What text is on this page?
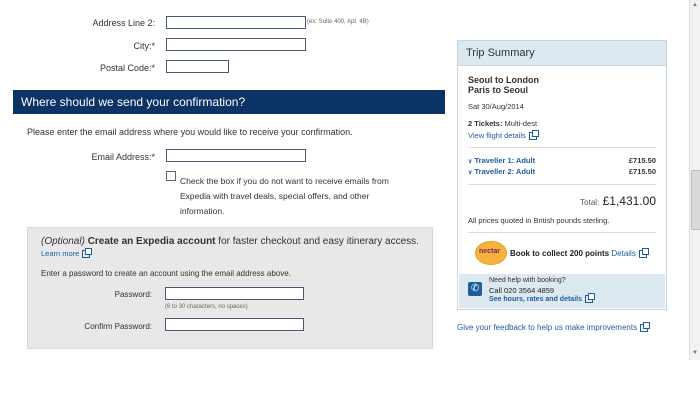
Address Line 2:	(ex: Suite 400, Apt. 4B)
City:*
Postal Code:*
Where should we send your confirmation?
Please enter the email address where you would like to receive your confirmation.
Email Address:*
Check the box if you do not want to receive emails from
Expedia with travel deals, special offers, and other
information.
(Optional) Create an Expedia account for faster checkout and easy itinerary access.
Learn more
Enter a password to create an account using the email address above.
Password:
(6 to 30 characters, no spaces)
Confirm Password:
Trip Summary
Seoul to London
Paris to Seoul
Sat 30/Aug/2014
2 Tickets: Multi-dest
View flight details
∨ Traveller 1: Adult	£715.50
∨ Traveller 2: Adult	£715.50
Total: £1,431.00
All prices quoted in British pounds sterling.
nectar Book to collect 200 points Details
✆
Need help with booking?
Call 020 3564 4859
See hours, rates and details
Give your feedback to help us make improvements
▲
▼
